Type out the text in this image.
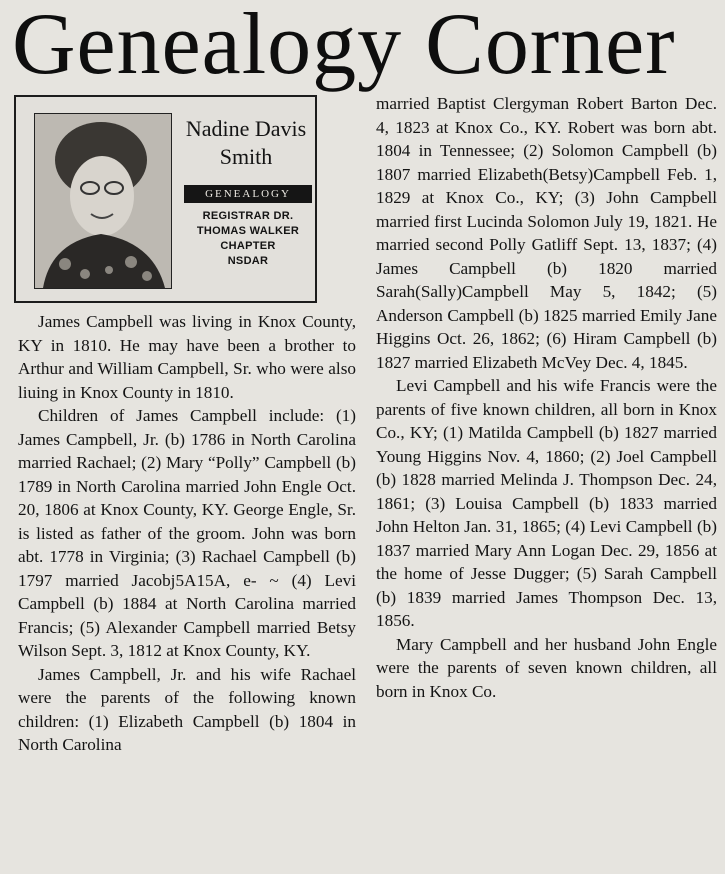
Genealogy Corner
Nadine Davis
Smith
GENEALOGY
REGISTRAR DR.
THOMAS WALKER
CHAPTER
NSDAR

James Campbell was living in Knox County, KY in 1810. He may have been a brother to Arthur and William Campbell, Sr. who were also liuing in Knox County in 1810.

Children of James Campbell include: (1) James Campbell, Jr. (b) 1786 in North Carolina married Rachael; (2) Mary “Polly” Campbell (b) 1789 in North Carolina married John Engle Oct. 20, 1806 at Knox County, KY. George Engle, Sr. is listed as father of the groom. John was born abt. 1778 in Virginia; (3) Rachael Campbell (b) 1797 married Jacobj5A15A, e- ~ (4) Levi Campbell (b) 1884 at North Carolina married Francis; (5) Alexander Campbell married Betsy Wilson Sept. 3, 1812 at Knox County, KY.

James Campbell, Jr. and his wife Rachael were the parents of the following known children: (1) Elizabeth Campbell (b) 1804 in North Carolina

married Baptist Clergyman Robert Barton Dec. 4, 1823 at Knox Co., KY. Robert was born abt. 1804 in Tennessee; (2) Solomon Campbell (b) 1807 married Elizabeth(Betsy)Campbell Feb. 1, 1829 at Knox Co., KY; (3) John Campbell married first Lucinda Solomon July 19, 1821. He married second Polly Gatliff Sept. 13, 1837; (4) James Campbell (b) 1820 married Sarah(Sally)Campbell May 5, 1842; (5) Anderson Campbell (b) 1825 married Emily Jane Higgins Oct. 26, 1862; (6) Hiram Campbell (b) 1827 married Elizabeth McVey Dec. 4, 1845.

Levi Campbell and his wife Francis were the parents of five known children, all born in Knox Co., KY; (1) Matilda Campbell (b) 1827 married Young Higgins Nov. 4, 1860; (2) Joel Campbell (b) 1828 married Melinda J. Thompson Dec. 24, 1861; (3) Louisa Campbell (b) 1833 married John Helton Jan. 31, 1865; (4) Levi Campbell (b) 1837 married Mary Ann Logan Dec. 29, 1856 at the home of Jesse Dugger; (5) Sarah Campbell (b) 1839 married James Thompson Dec. 13, 1856.

Mary Campbell and her husband John Engle were the parents of seven known children, all born in Knox Co.
